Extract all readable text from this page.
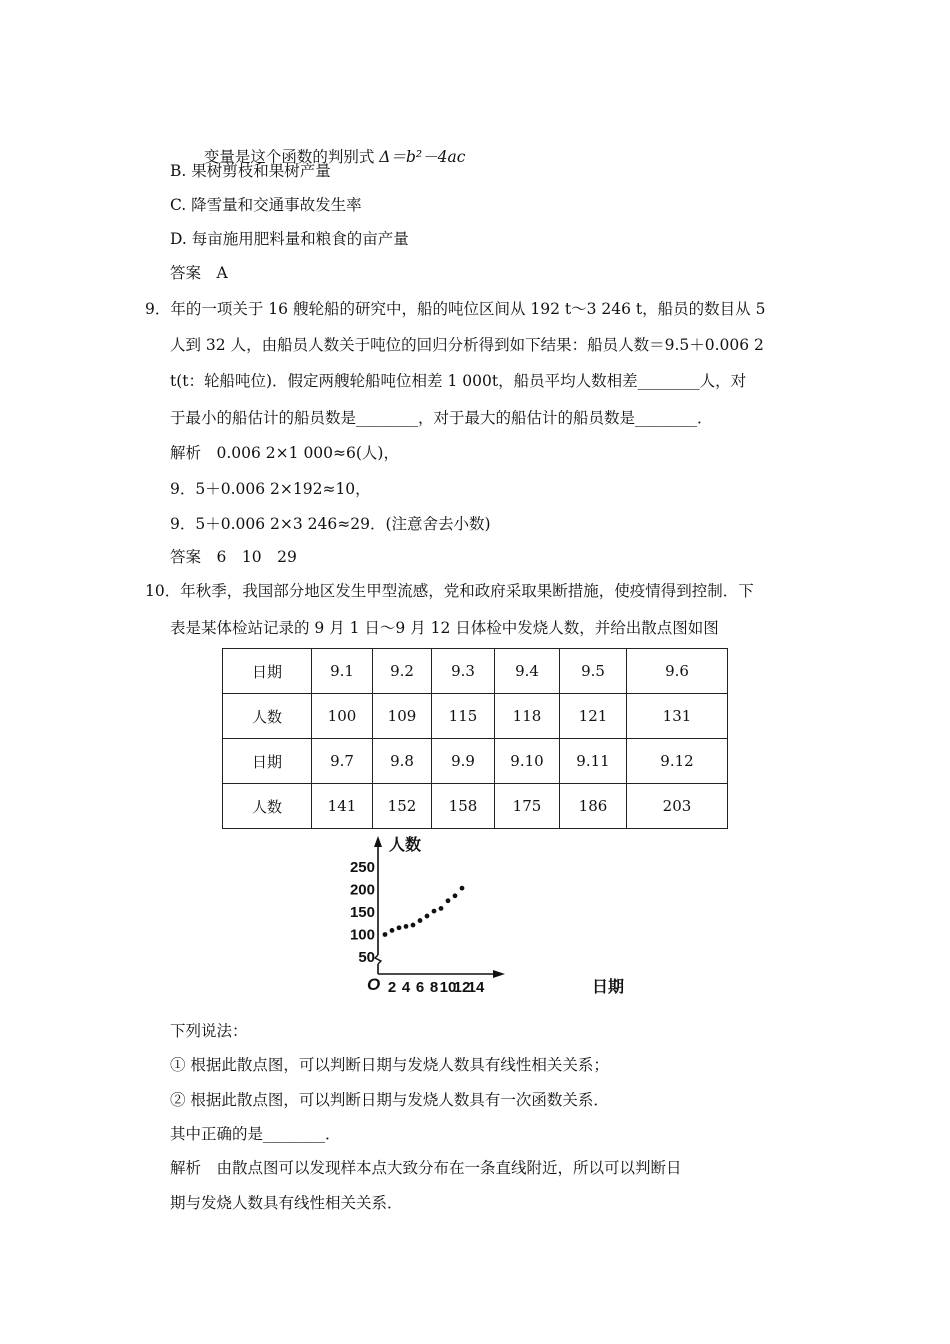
变量是这个函数的判别式 Δ＝b²－4ac

B. 果树剪枝和果树产量
C. 降雪量和交通事故发生率
D. 每亩施用肥料量和粮食的亩产量
答案　A
9．年的一项关于 16 艘轮船的研究中，船的吨位区间从 192 t～3 246 t，船员的数目从 5
人到 32 人，由船员人数关于吨位的回归分析得到如下结果：船员人数＝9.5＋0.006 2
t(t：轮船吨位)．假定两艘轮船吨位相差 1 000t，船员平均人数相差________人，对
于最小的船估计的船员数是________，对于最大的船估计的船员数是________．
解析　0.006 2×1 000≈6(人)，
9．5＋0.006 2×192≈10，
9．5＋0.006 2×3 246≈29．(注意舍去小数)
答案　6　10　29
10．年秋季，我国部分地区发生甲型流感，党和政府采取果断措施，使疫情得到控制．下
表是某体检站记录的 9 月 1 日～9 月 12 日体检中发烧人数，并给出散点图如图
日期	9.1	9.2	9.3	9.4	9.5	9.6
人数	100	109	115	118	121	131
日期	9.7	9.8	9.9	9.10	9.11	9.12
人数	141	152	158	175	186	203
2 4 6 8 10
12
14
50
100
150
200
250
人数
日期
O
下列说法：
① 根据此散点图，可以判断日期与发烧人数具有线性相关关系；
② 根据此散点图，可以判断日期与发烧人数具有一次函数关系．
其中正确的是________．
解析　由散点图可以发现样本点大致分布在一条直线附近，所以可以判断日
期与发烧人数具有线性相关关系．
